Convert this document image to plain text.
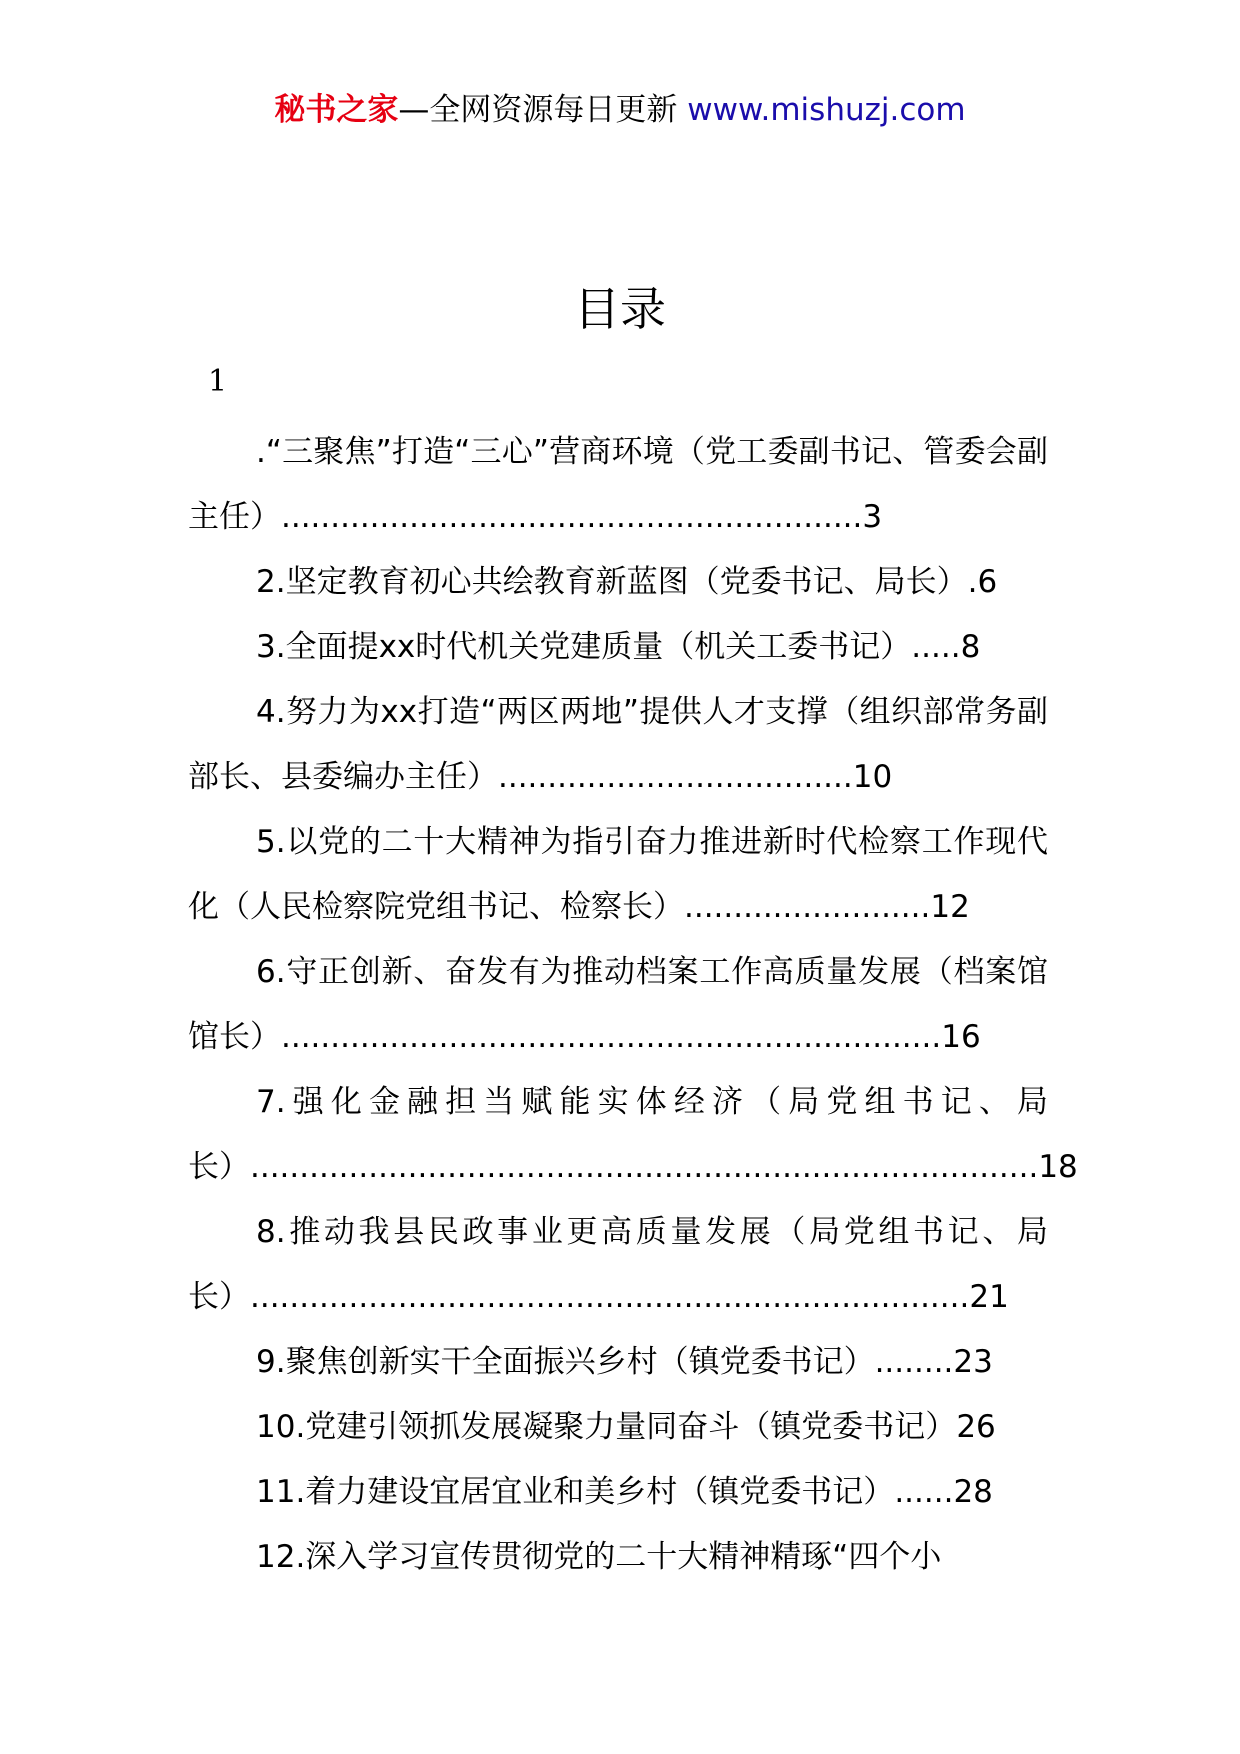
秘书之家—全网资源每日更新 www.mishuzj.com
目录
1

.“三聚焦”打造“三心”营商环境（党工委副书记、管委会副主任）...........................................................3

2.坚定教育初心共绘教育新蓝图（党委书记、局长）.6

3.全面提xx时代机关党建质量（机关工委书记）.....8

4.努力为xx打造“两区两地”提供人才支撑（组织部常务副部长、县委编办主任）....................................10

5.以党的二十大精神为指引奋力推进新时代检察工作现代化（人民检察院党组书记、检察长）.........................12

6.守正创新、奋发有为推动档案工作高质量发展（档案馆馆长）...................................................................16

7.强化金融担当赋能实体经济（局党组书记、局长）................................................................................18

8.推动我县民政事业更高质量发展（局党组书记、局长）.........................................................................21

9.聚焦创新实干全面振兴乡村（镇党委书记）........23

10.党建引领抓发展凝聚力量同奋斗（镇党委书记）26

11.着力建设宜居宜业和美乡村（镇党委书记）......28

12.深入学习宣传贯彻党的二十大精神精琢“四个小
